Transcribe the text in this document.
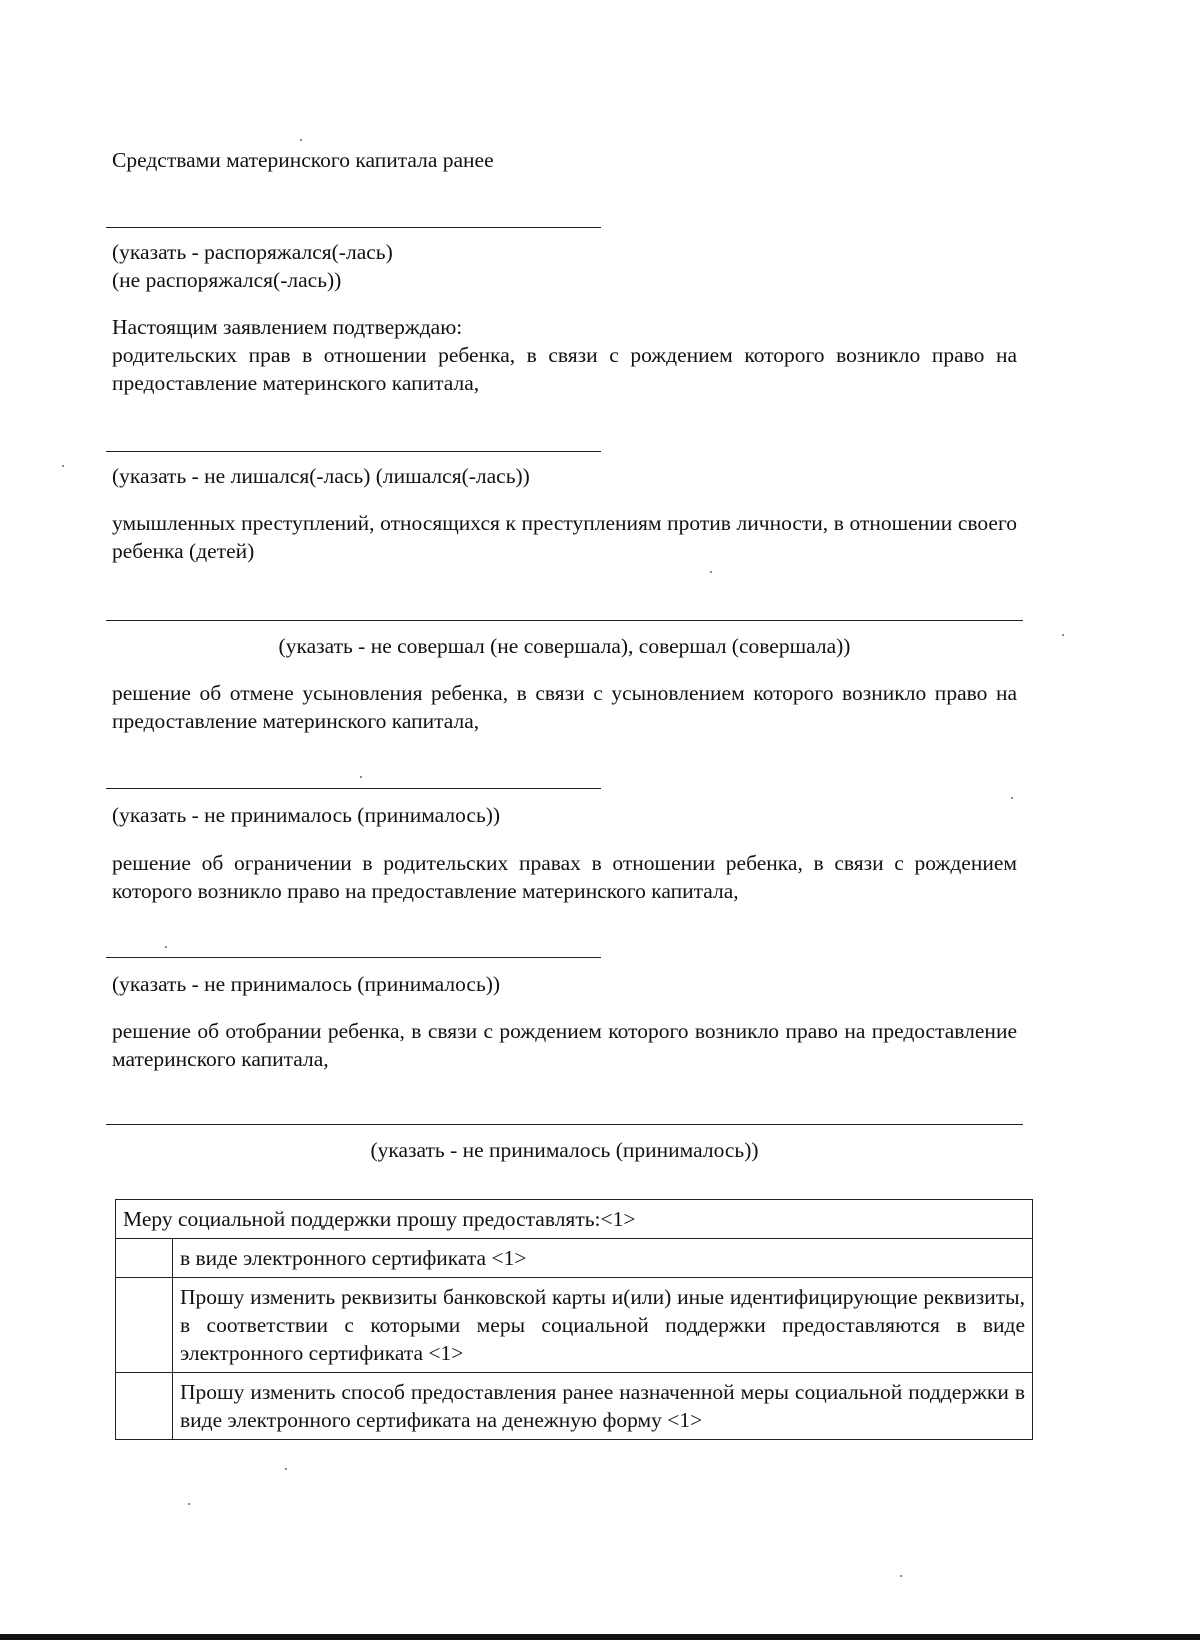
Средствами материнского капитала ранее
(указать - распоряжался(-лась)
(не распоряжался(-лась))
Настоящим заявлением подтверждаю:
родительских прав в отношении ребенка, в связи с рождением которого возникло право на предоставление материнского капитала,
(указать - не лишался(-лась) (лишался(-лась))
умышленных преступлений, относящихся к преступлениям против личности, в отношении своего ребенка (детей)
(указать - не совершал (не совершала), совершал (совершала))
решение об отмене усыновления ребенка, в связи с усыновлением которого возникло право на предоставление материнского капитала,
(указать - не принималось (принималось))
решение об ограничении в родительских правах в отношении ребенка, в связи с рождением которого возникло право на предоставление материнского капитала,
(указать - не принималось (принималось))
решение об отобрании ребенка, в связи с рождением которого возникло право на предоставление материнского капитала,
(указать - не принималось (принималось))
Меру социальной поддержки прошу предоставлять:<1>	
	в виде электронного сертификата <1>
	Прошу изменить реквизиты банковской карты и(или) иные идентифицирующие реквизиты, в соответствии с которыми меры социальной поддержки предоставляются в виде электронного сертификата <1>
	Прошу изменить способ предоставления ранее назначенной меры социальной поддержки в виде электронного сертификата на денежную форму <1>
